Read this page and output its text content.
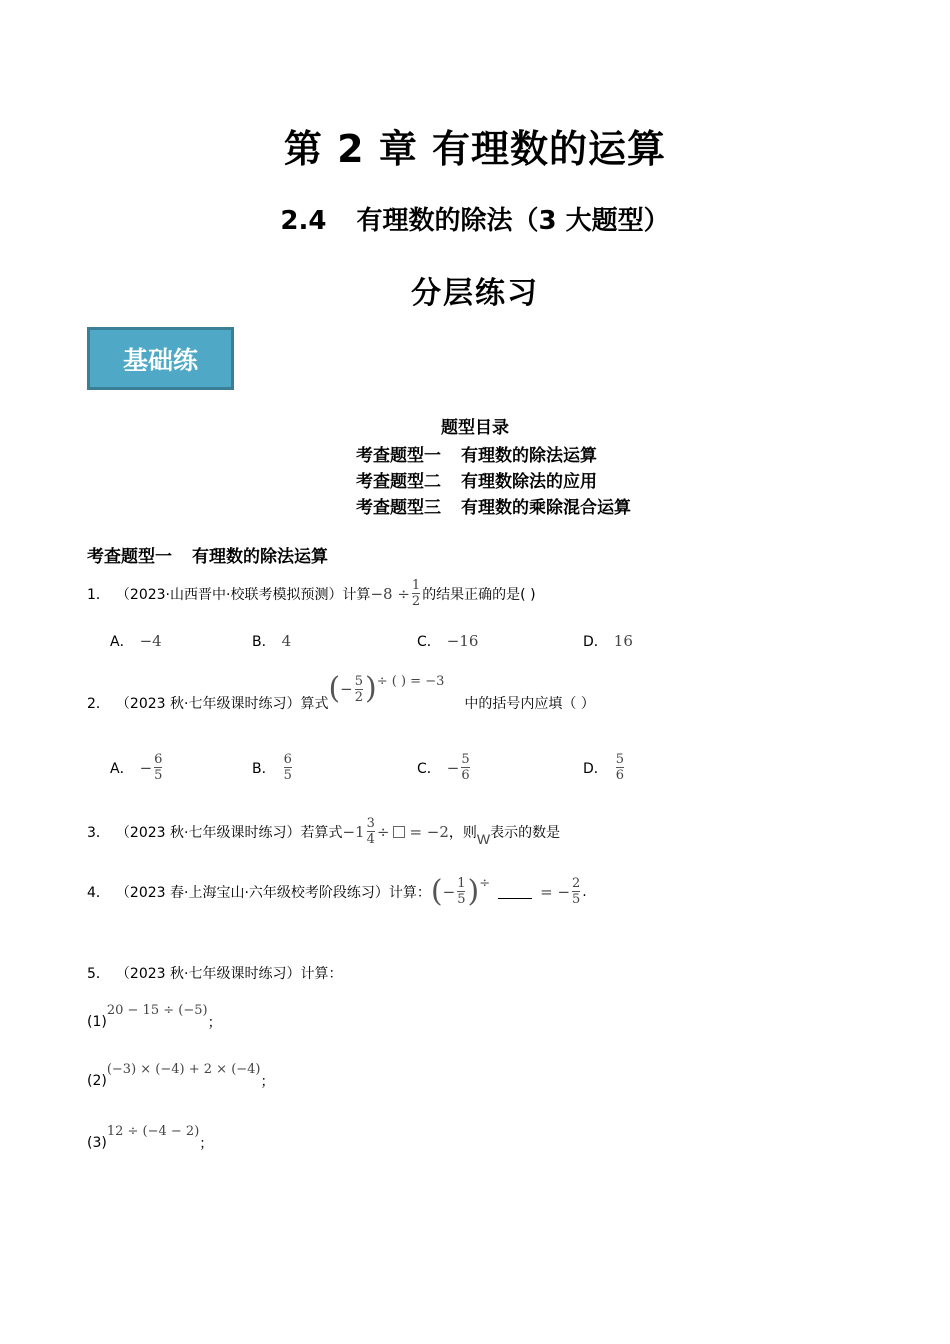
第 2 章 有理数的运算
2.4 有理数的除法（3 大题型）
分层练习
基础练
题型目录
考查题型一 有理数的除法运算
考查题型二 有理数除法的应用
考查题型三 有理数的乘除混合运算
考查题型一 有理数的除法运算
1． （2023·山西晋中·校联考模拟预测）计算 $-8 \div \frac{1}{2}$ 的结果正确的是( )
A． −4	B． 4	C． −16	D． 16
2． （2023 秋·七年级课时练习）算式 ( − $\frac{5}{2}$ ) ÷ ( ) = −3
中的括号内应填（ ）
A． − $\frac{6}{5}$	B． $\frac{6}{5}$	C． − $\frac{5}{6}$	D． $\frac{5}{6}$
3． （2023 秋·七年级课时练习）若算式 $-1 \frac{3}{4}$ ÷ = −2 ，则 W 表示的数是
4． （2023 春·上海宝山·六年级校考阶段练习）计算： ( − $\frac{1}{5}$ ) ÷	= − $\frac{2}{5}$ .
5． （2023 秋·七年级课时练习）计算：
(1)
20 − 15 ÷ (−5)
；
(2)
(−3) × (−4) + 2 × (−4)
；
(3)
12 ÷ (−4 − 2)
；
